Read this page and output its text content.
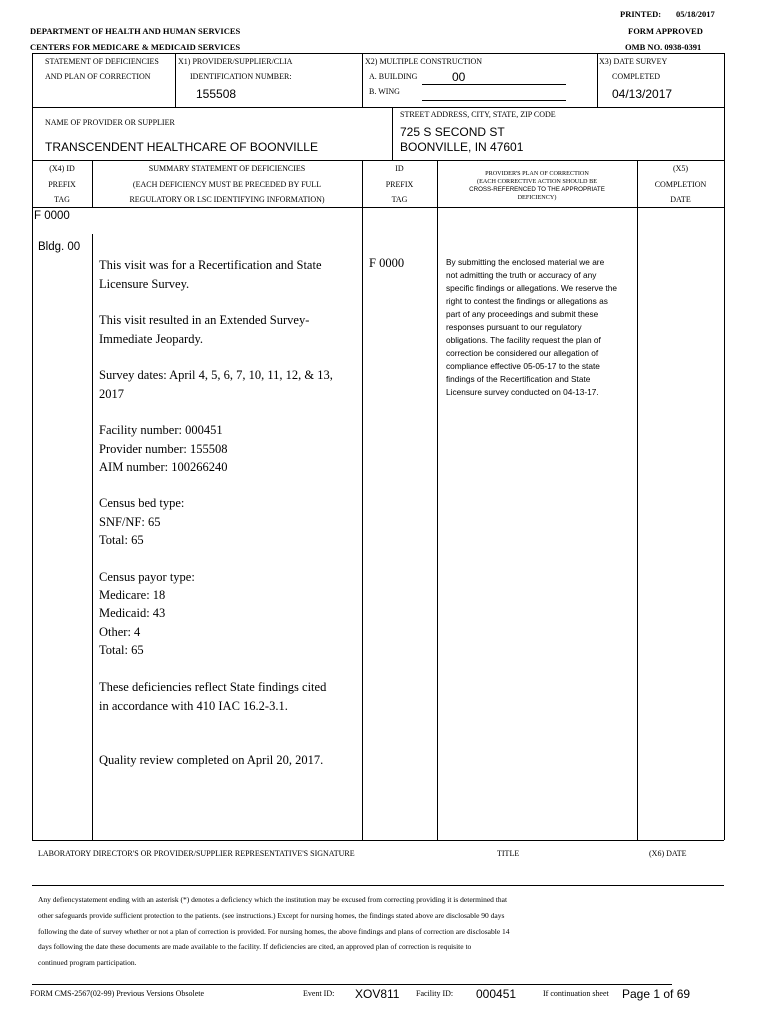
PRINTED: 05/18/2017
DEPARTMENT OF HEALTH AND HUMAN SERVICES	FORM APPROVED
CENTERS FOR MEDICARE & MEDICAID SERVICES	OMB NO. 0938-0391
STATEMENT OF DEFICIENCIES
AND PLAN OF CORRECTION
X1) PROVIDER/SUPPLIER/CLIA
IDENTIFICATION NUMBER:
155508
X2) MULTIPLE CONSTRUCTION
A. BUILDING	00
B. WING
X3) DATE SURVEY
COMPLETED
04/13/2017
NAME OF PROVIDER OR SUPPLIER
TRANSCENDENT HEALTHCARE OF BOONVILLE
STREET ADDRESS, CITY, STATE, ZIP CODE
725 S SECOND ST
BOONVILLE, IN 47601
(X4) ID
PREFIX
TAG
SUMMARY STATEMENT OF DEFICIENCIES
(EACH DEFICIENCY MUST BE PRECEDED BY FULL
REGULATORY OR LSC IDENTIFYING INFORMATION)
ID
PREFIX
TAG
PROVIDER'S PLAN OF CORRECTION
(EACH CORRECTIVE ACTION SHOULD BE
CROSS-REFERENCED TO THE APPROPRIATE
DEFICIENCY)
(X5)
COMPLETION
DATE
F 0000
Bldg. 00
This visit was for a Recertification and State Licensure Survey.
This visit resulted in an Extended Survey- Immediate Jeopardy.
Survey dates: April 4, 5, 6, 7, 10, 11, 12, & 13, 2017
Facility number: 000451
Provider number: 155508
AIM number: 100266240
Census bed type:
SNF/NF: 65
Total: 65
Census payor type:
Medicare: 18
Medicaid: 43
Other: 4
Total: 65
These deficiencies reflect State findings cited in accordance with 410 IAC 16.2-3.1.
Quality review completed on April 20, 2017.
F 0000	By submitting the enclosed material we are not admitting the truth or accuracy of any specific findings or allegations. We reserve the right to contest the findings or allegations as part of any proceedings and submit these responses pursuant to our regulatory obligations. The facility request the plan of correction be considered our allegation of compliance effective 05-05-17 to the state findings of the Recertification and State Licensure survey conducted on 04-13-17.
LABORATORY DIRECTOR'S OR PROVIDER/SUPPLIER REPRESENTATIVE'S SIGNATURE	TITLE	(X6) DATE
Any defiencystatement ending with an asterisk (*) denotes a deficiency which the institution may be excused from correcting providing it is determined that
other safeguards provide sufficient protection to the patients. (see instructions.) Except for nursing homes, the findings stated above are disclosable 90 days
following the date of survey whether or not a plan of correction is provided. For nursing homes, the above findings and plans of correction are disclosable 14
days following the date these documents are made available to the facility. If deficiencies are cited, an approved plan of correction is requisite to
continued program participation.
FORM CMS-2567(02-99) Previous Versions Obsolete	Event ID: XOV811 Facility ID: 000451	If continuation sheet Page 1 of 69
